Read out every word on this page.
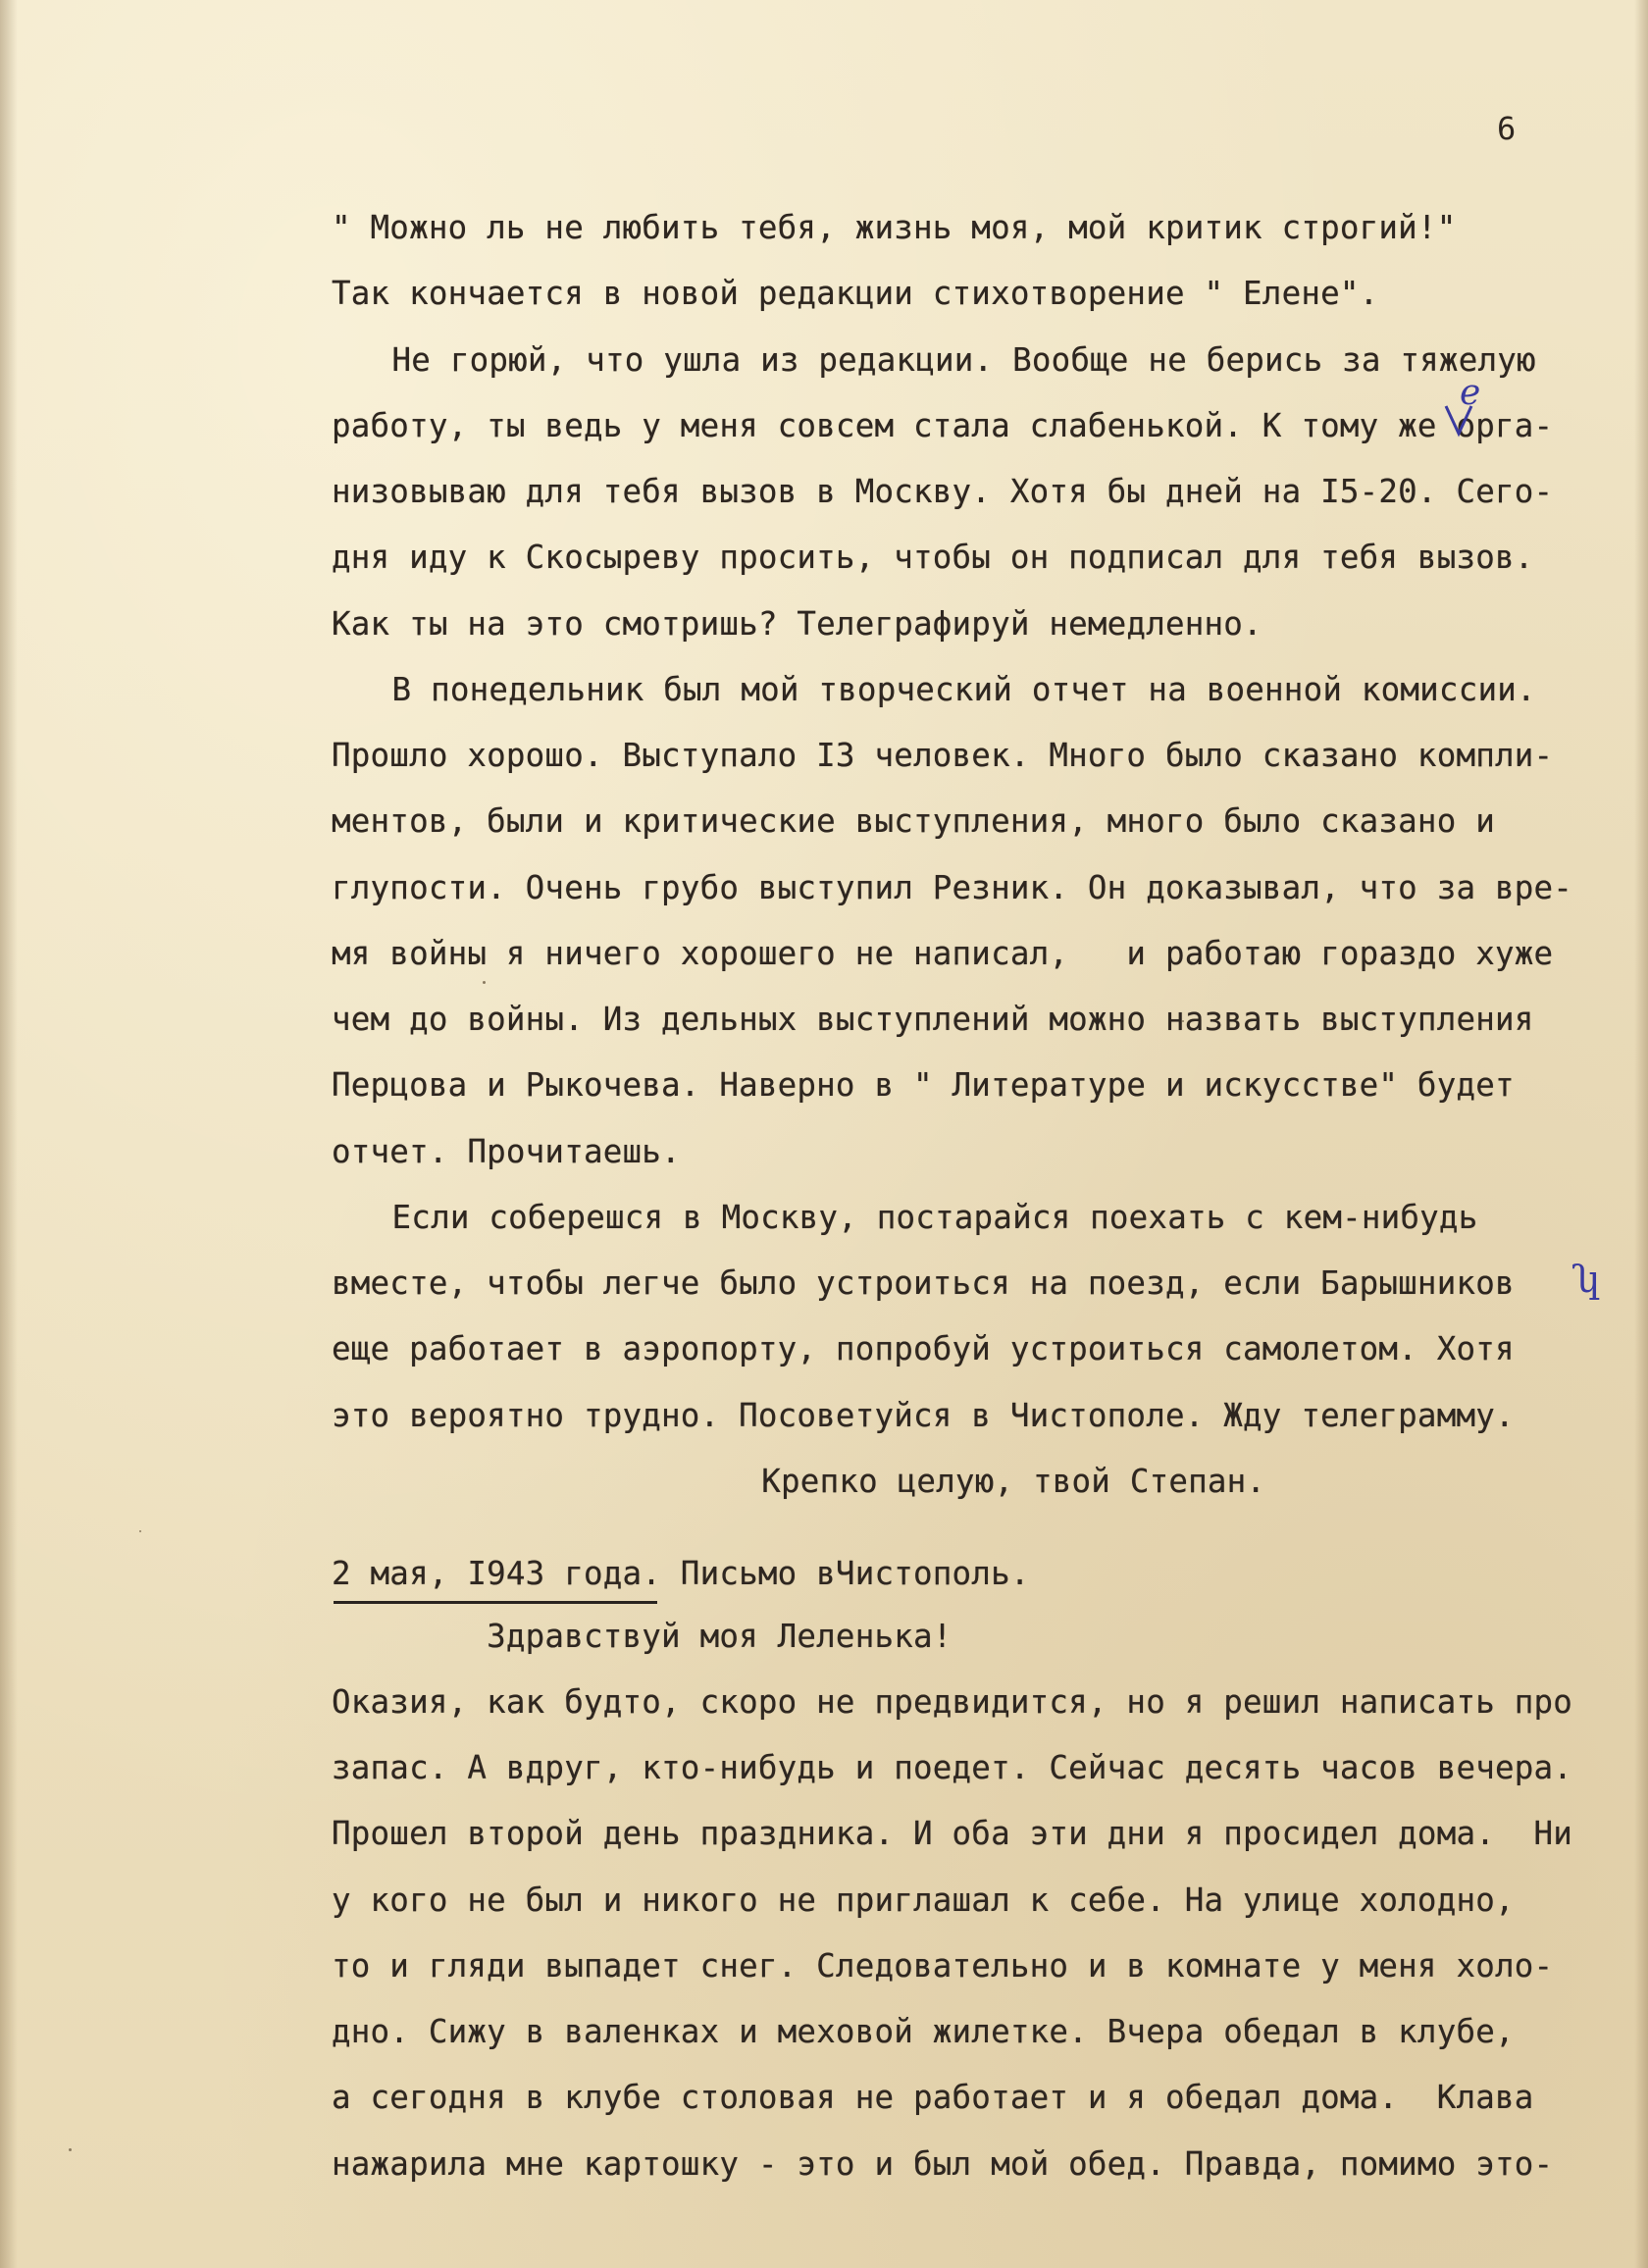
6
" Можно ль не любить тебя, жизнь моя, мой критик строгий!"
Так кончается в новой редакции стихотворение " Елене".
Не горюй, что ушла из редакции. Вообще не берись за тяжелую
работу, ты ведь у меня совсем стала слабенькой. К тому же орга-
низовываю для тебя вызов в Москву. Хотя бы дней на I5-20. Сего-
дня иду к Скосыреву просить, чтобы он подписал для тебя вызов.
Как ты на это смотришь? Телеграфируй немедленно.
В понедельник был мой творческий отчет на военной комиссии.
Прошло хорошо. Выступало I3 человек. Много было сказано компли-
ментов, были и критические выступления, много было сказано и
глупости. Очень грубо выступил Резник. Он доказывал, что за вре-
мя войны я ничего хорошего не написал,   и работаю гораздо хуже
чем до войны. Из дельных выступлений можно назвать выступления
Перцова и Рыкочева. Наверно в " Литературе и искусстве" будет
отчет. Прочитаешь.
Если соберешся в Москву, постарайся поехать с кем-нибудь
вместе, чтобы легче было устроиться на поезд, если Барышников
еще работает в аэропорту, попробуй устроиться самолетом. Хотя
это вероятно трудно. Посоветуйся в Чистополе. Жду телеграмму.
Крепко целую, твой Степан.
2 мая, I943 года. Письмо вЧистополь.
Здравствуй моя Леленька!
Оказия, как будто, скоро не предвидится, но я решил написать про
запас. А вдруг, кто-нибудь и поедет. Сейчас десять часов вечера.
Прошел второй день праздника. И оба эти дни я просидел дома.  Ни
у кого не был и никого не приглашал к себе. На улице холодно,
то и гляди выпадет снег. Следовательно и в комнате у меня холо-
дно. Сижу в валенках и меховой жилетке. Вчера обедал в клубе,
а сегодня в клубе столовая не работает и я обедал дома.  Клава
нажарила мне картошку - это и был мой обед. Правда, помимо это-
е
ʮ
